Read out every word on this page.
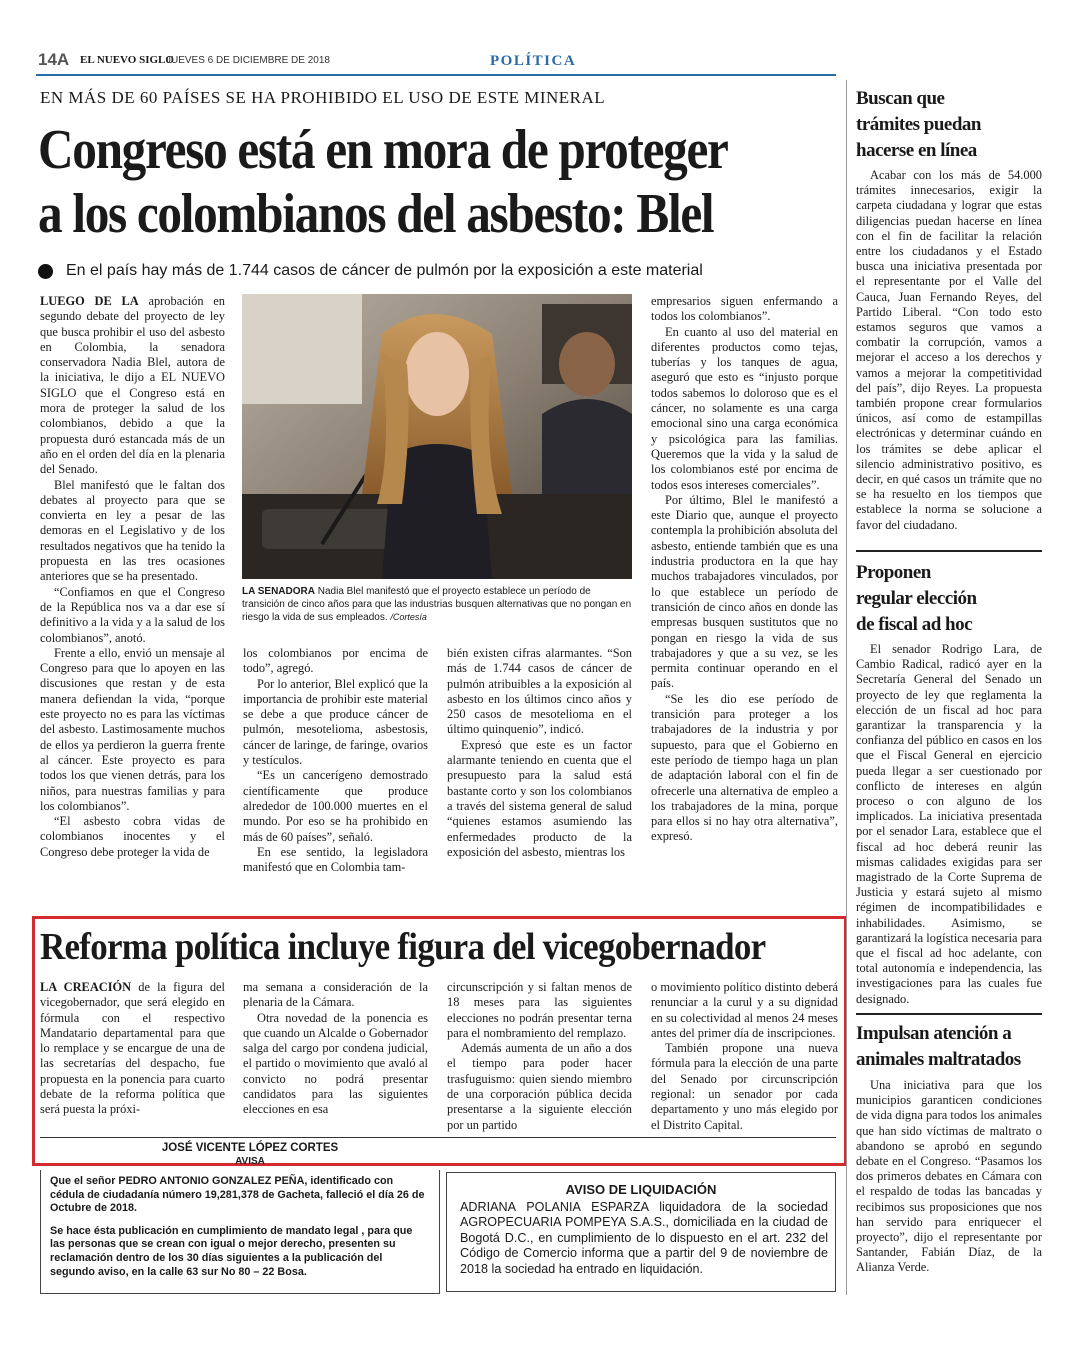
14A EL NUEVO SIGLO
JUEVES 6 DE DICIEMBRE DE 2018	POLÍTICA
EN MÁS DE 60 PAÍSES SE HA PROHIBIDO EL USO DE ESTE MINERAL
Congreso está en mora de proteger
a los colombianos del asbesto: Blel
En el país hay más de 1.744 casos de cáncer de pulmón por la exposición a este material

LUEGO DE LA aprobación en segundo debate del proyecto de ley que busca prohibir el uso del asbesto en Colombia, la senadora conservadora Nadia Blel, autora de la iniciativa, le dijo a EL NUEVO SIGLO que el Congreso está en mora de proteger la salud de los colombianos, debido a que la propuesta duró estancada más de un año en el orden del día en la plenaria del Senado.

Blel manifestó que le faltan dos debates al proyecto para que se convierta en ley a pesar de las demoras en el Legislativo y de los resultados negativos que ha tenido la propuesta en las tres ocasiones anteriores que se ha presentado.

“Confiamos en que el Congreso de la República nos va a dar ese sí definitivo a la vida y a la salud de los colombianos”, anotó.

Frente a ello, envió un mensaje al Congreso para que lo apoyen en las discusiones que restan y de esta manera defiendan la vida, “porque este proyecto no es para las víctimas del asbesto. Lastimosamente muchos de ellos ya perdieron la guerra frente al cáncer. Este proyecto es para todos los que vienen detrás, para los niños, para nuestras familias y para los colombianos”.

“El asbesto cobra vidas de colombianos inocentes y el Congreso debe proteger la vida de

LA SENADORA Nadia Blel manifestó que el proyecto establece un período de transición de cinco años para que las industrias busquen alternativas que no pongan en riesgo la vida de sus empleados. /Cortesía

los colombianos por encima de todo”, agregó.

Por lo anterior, Blel explicó que la importancia de prohibir este material se debe a que produce cáncer de pulmón, mesotelioma, asbestosis, cáncer de laringe, de faringe, ovarios y testículos.

“Es un cancerígeno demostrado científicamente que produce alrededor de 100.000 muertes en el mundo. Por eso se ha prohibido en más de 60 países”, señaló.

En ese sentido, la legisladora manifestó que en Colombia tam-

bién existen cifras alarmantes. “Son más de 1.744 casos de cáncer de pulmón atribuibles a la exposición al asbesto en los últimos cinco años y 250 casos de mesotelioma en el último quinquenio”, indicó.

Expresó que este es un factor alarmante teniendo en cuenta que el presupuesto para la salud está bastante corto y son los colombianos a través del sistema general de salud “quienes estamos asumiendo las enfermedades producto de la exposición del asbesto, mientras los

empresarios siguen enfermando a todos los colombianos”.

En cuanto al uso del material en diferentes productos como tejas, tuberías y los tanques de agua, aseguró que esto es “injusto porque todos sabemos lo doloroso que es el cáncer, no solamente es una carga emocional sino una carga económica y psicológica para las familias. Queremos que la vida y la salud de los colombianos esté por encima de todos esos intereses comerciales”.

Por último, Blel le manifestó a este Diario que, aunque el proyecto contempla la prohibición absoluta del asbesto, entiende también que es una industria productora en la que hay muchos trabajadores vinculados, por lo que establece un período de transición de cinco años en donde las empresas busquen sustitutos que no pongan en riesgo la vida de sus trabajadores y que a su vez, se les permita continuar operando en el país.

“Se les dio ese período de transición para proteger a los trabajadores de la industria y por supuesto, para que el Gobierno en este período de tiempo haga un plan de adaptación laboral con el fin de ofrecerle una alternativa de empleo a los trabajadores de la mina, porque para ellos si no hay otra alternativa”, expresó.

Reforma política incluye figura del vicegobernador

LA CREACIÓN de la figura del vicegobernador, que será elegido en fórmula con el respectivo Mandatario departamental para que lo remplace y se encargue de una de las secretarías del despacho, fue propuesta en la ponencia para cuarto debate de la reforma política que será puesta la próxi-

ma semana a consideración de la plenaria de la Cámara.

Otra novedad de la ponencia es que cuando un Alcalde o Gobernador salga del cargo por condena judicial, el partido o movimiento que avaló al convicto no podrá presentar candidatos para las siguientes elecciones en esa

circunscripción y si faltan menos de 18 meses para las siguientes elecciones no podrán presentar terna para el nombramiento del remplazo.

Además aumenta de un año a dos el tiempo para poder hacer trasfuguismo: quien siendo miembro de una corporación pública decida presentarse a la siguiente elección por un partido

o movimiento político distinto deberá renunciar a la curul y a su dignidad en su colectividad al menos 24 meses antes del primer día de inscripciones.

También propone una nueva fórmula para la elección de una parte del Senado por circunscripción regional: un senador por cada departamento y uno más elegido por el Distrito Capital.

JOSÉ VICENTE LÓPEZ CORTES
AVISA

Que el señor PEDRO ANTONIO GONZALEZ PEÑA, identificado con cédula de ciudadanía número 19,281,378 de Gacheta, falleció el día 26 de Octubre de 2018.

Se hace ésta publicación en cumplimiento de mandato legal , para que las personas que se crean con igual o mejor derecho, presenten su reclamación dentro de los 30 días siguientes a la publicación del segundo aviso, en la calle 63 sur No 80 – 22 Bosa.

AVISO DE LIQUIDACIÓN
ADRIANA POLANIA ESPARZA liquidadora de la sociedad AGROPECUARIA POMPEYA S.A.S., domiciliada en la ciudad de Bogotá D.C., en cumplimiento de lo dispuesto en el art. 232 del Código de Comercio informa que a partir del 9 de noviembre de 2018 la sociedad ha entrado en liquidación.
Buscan que
trámites puedan
hacerse en línea

Acabar con los más de 54.000 trámites innecesarios, exigir la carpeta ciudadana y lograr que estas diligencias puedan hacerse en línea con el fin de facilitar la relación entre los ciudadanos y el Estado busca una iniciativa presentada por el representante por el Valle del Cauca, Juan Fernando Reyes, del Partido Liberal. “Con todo esto estamos seguros que vamos a combatir la corrupción, vamos a mejorar el acceso a los derechos y vamos a mejorar la competitividad del país”, dijo Reyes. La propuesta también propone crear formularios únicos, así como de estampillas electrónicas y determinar cuándo en los trámites se debe aplicar el silencio administrativo positivo, es decir, en qué casos un trámite que no se ha resuelto en los tiempos que establece la norma se solucione a favor del ciudadano.

Proponen
regular elección
de fiscal ad hoc

El senador Rodrigo Lara, de Cambio Radical, radicó ayer en la Secretaría General del Senado un proyecto de ley que reglamenta la elección de un fiscal ad hoc para garantizar la transparencia y la confianza del público en casos en los que el Fiscal General en ejercicio pueda llegar a ser cuestionado por conflicto de intereses en algún proceso o con alguno de los implicados. La iniciativa presentada por el senador Lara, establece que el fiscal ad hoc deberá reunir las mismas calidades exigidas para ser magistrado de la Corte Suprema de Justicia y estará sujeto al mismo régimen de incompatibilidades e inhabilidades. Asimismo, se garantizará la logística necesaria para que el fiscal ad hoc adelante, con total autonomía e independencia, las investigaciones para las cuales fue designado.

Impulsan atención a
animales maltratados

Una iniciativa para que los municipios garanticen condiciones de vida digna para todos los animales que han sido víctimas de maltrato o abandono se aprobó en segundo debate en el Congreso. “Pasamos los dos primeros debates en Cámara con el respaldo de todas las bancadas y recibimos sus proposiciones que nos han servido para enriquecer el proyecto”, dijo el representante por Santander, Fabián Díaz, de la Alianza Verde.
